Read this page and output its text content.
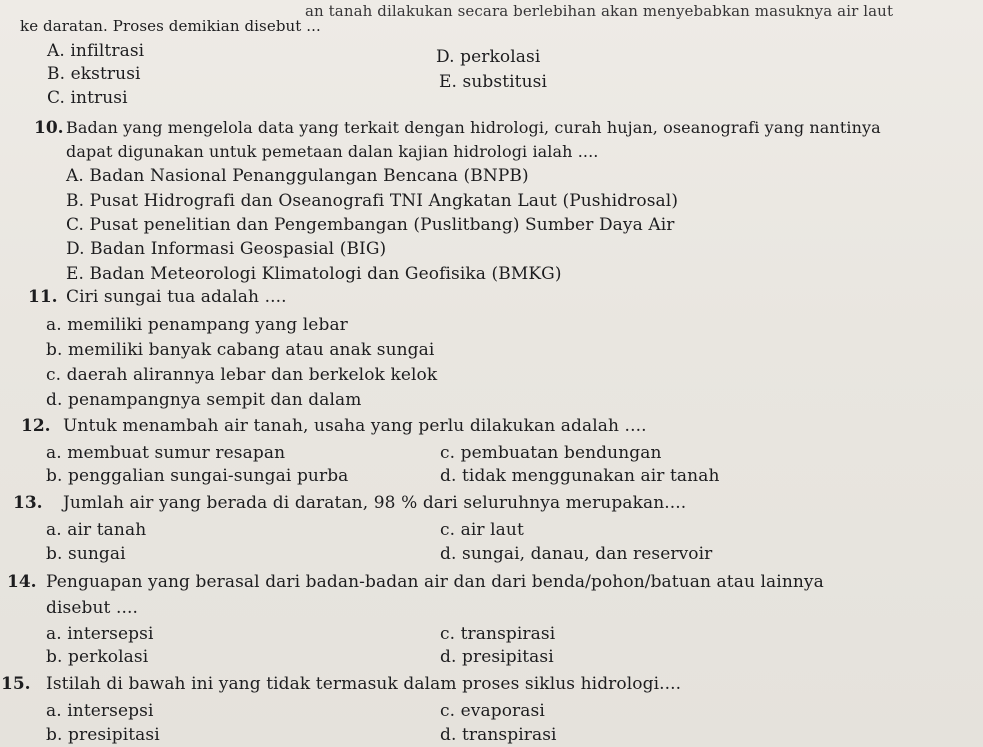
an tanah dilakukan secara berlebihan akan menyebabkan masuknya air laut
ke daratan. Proses demikian disebut ...
A. infiltrasi	D. perkolasi
B. ekstrusi	E. substitusi
C. intrusi
10. Badan yang mengelola data yang terkait dengan hidrologi, curah hujan, oseanografi yang nantinya
dapat digunakan untuk pemetaan dalan kajian hidrologi ialah ....
A. Badan Nasional Penanggulangan Bencana (BNPB)
B. Pusat Hidrografi dan Oseanografi TNI Angkatan Laut (Pushidrosal)
C. Pusat penelitian dan Pengembangan (Puslitbang) Sumber Daya Air
D. Badan Informasi Geospasial (BIG)
E. Badan Meteorologi Klimatologi dan Geofisika (BMKG)
11. Ciri sungai tua adalah ....
a. memiliki penampang yang lebar
b. memiliki banyak cabang atau anak sungai
c. daerah alirannya lebar dan berkelok kelok
d. penampangnya sempit dan dalam
12. Untuk menambah air tanah, usaha yang perlu dilakukan adalah ....
a. membuat sumur resapan	c. pembuatan bendungan
b. penggalian sungai-sungai purba	d. tidak menggunakan air tanah
13. Jumlah air yang berada di daratan, 98 % dari seluruhnya merupakan....
a. air tanah	c. air laut
b. sungai	d. sungai, danau, dan reservoir
14. Penguapan yang berasal dari badan-badan air dan dari benda/pohon/batuan atau lainnya
disebut ....
a. intersepsi	c. transpirasi
b. perkolasi	d. presipitasi
15. Istilah di bawah ini yang tidak termasuk dalam proses siklus hidrologi....
a. intersepsi	c. evaporasi
b. presipitasi	d. transpirasi
